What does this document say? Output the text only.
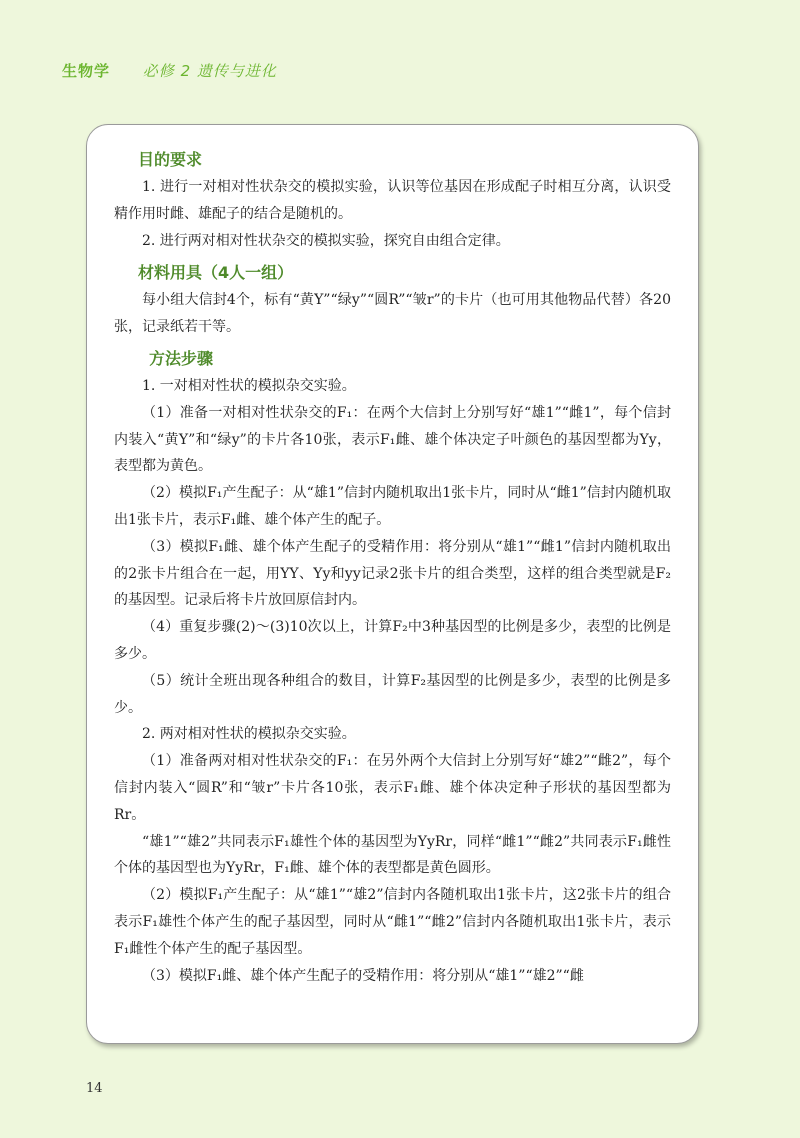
生物学 必修 2 遗传与进化
目的要求

1. 进行一对相对性状杂交的模拟实验，认识等位基因在形成配子时相互分离，认识受精作用时雌、雄配子的结合是随机的。

2. 进行两对相对性状杂交的模拟实验，探究自由组合定律。

材料用具（4人一组）

每小组大信封4个，标有“黄Y”“绿y”“圆R”“皱r”的卡片（也可用其他物品代替）各20张，记录纸若干等。

方法步骤

1. 一对相对性状的模拟杂交实验。

（1）准备一对相对性状杂交的F₁：在两个大信封上分别写好“雄1”“雌1”，每个信封内装入“黄Y”和“绿y”的卡片各10张，表示F₁雌、雄个体决定子叶颜色的基因型都为Yy，表型都为黄色。

（2）模拟F₁产生配子：从“雄1”信封内随机取出1张卡片，同时从“雌1”信封内随机取出1张卡片，表示F₁雌、雄个体产生的配子。

（3）模拟F₁雌、雄个体产生配子的受精作用：将分别从“雄1”“雌1”信封内随机取出的2张卡片组合在一起，用YY、Yy和yy记录2张卡片的组合类型，这样的组合类型就是F₂的基因型。记录后将卡片放回原信封内。

（4）重复步骤(2)～(3)10次以上，计算F₂中3种基因型的比例是多少，表型的比例是多少。

（5）统计全班出现各种组合的数目，计算F₂基因型的比例是多少，表型的比例是多少。

2. 两对相对性状的模拟杂交实验。

（1）准备两对相对性状杂交的F₁：在另外两个大信封上分别写好“雄2”“雌2”，每个信封内装入“圆R”和“皱r”卡片各10张，表示F₁雌、雄个体决定种子形状的基因型都为Rr。

“雄1”“雄2”共同表示F₁雄性个体的基因型为YyRr，同样“雌1”“雌2”共同表示F₁雌性个体的基因型也为YyRr，F₁雌、雄个体的表型都是黄色圆形。

（2）模拟F₁产生配子：从“雄1”“雄2”信封内各随机取出1张卡片，这2张卡片的组合表示F₁雄性个体产生的配子基因型，同时从“雌1”“雌2”信封内各随机取出1张卡片，表示F₁雌性个体产生的配子基因型。

（3）模拟F₁雌、雄个体产生配子的受精作用：将分别从“雄1”“雄2”“雌

14
